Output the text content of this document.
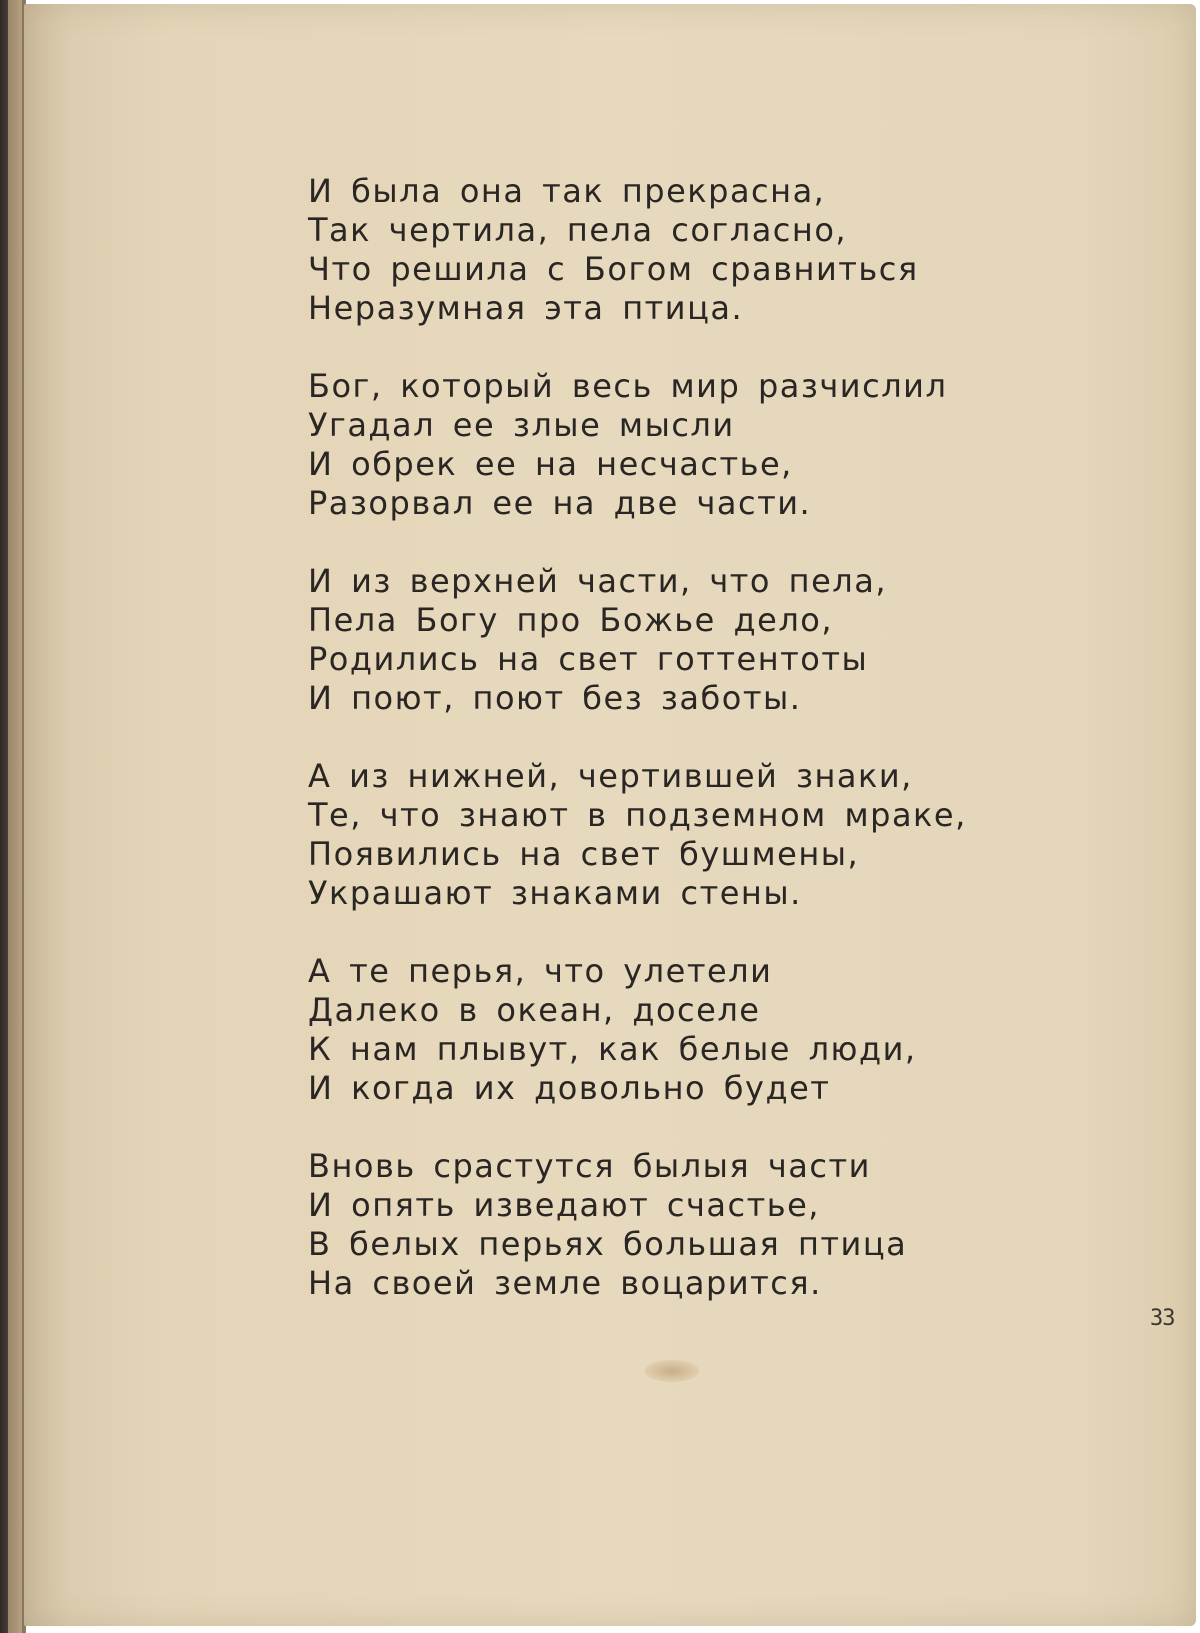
И была она так прекрасна,
Так чертила, пела согласно,
Что решила с Богом сравниться
Неразумная эта птица.
Бог, который весь мир разчислил
Угадал ее злые мысли
И обрек ее на несчастье,
Разорвал ее на две части.
И из верхней части, что пела,
Пела Богу про Божье дело,
Родились на свет готтентоты
И поют, поют без заботы.
А из нижней, чертившей знаки,
Те, что знают в подземном мраке,
Появились на свет бушмены,
Украшают знаками стены.
А те перья, что улетели
Далеко в океан, доселе
К нам плывут, как белые люди,
И когда их довольно будет
Вновь срастутся былыя части
И опять изведают счастье,
В белых перьях большая птица
На своей земле воцарится.
33
